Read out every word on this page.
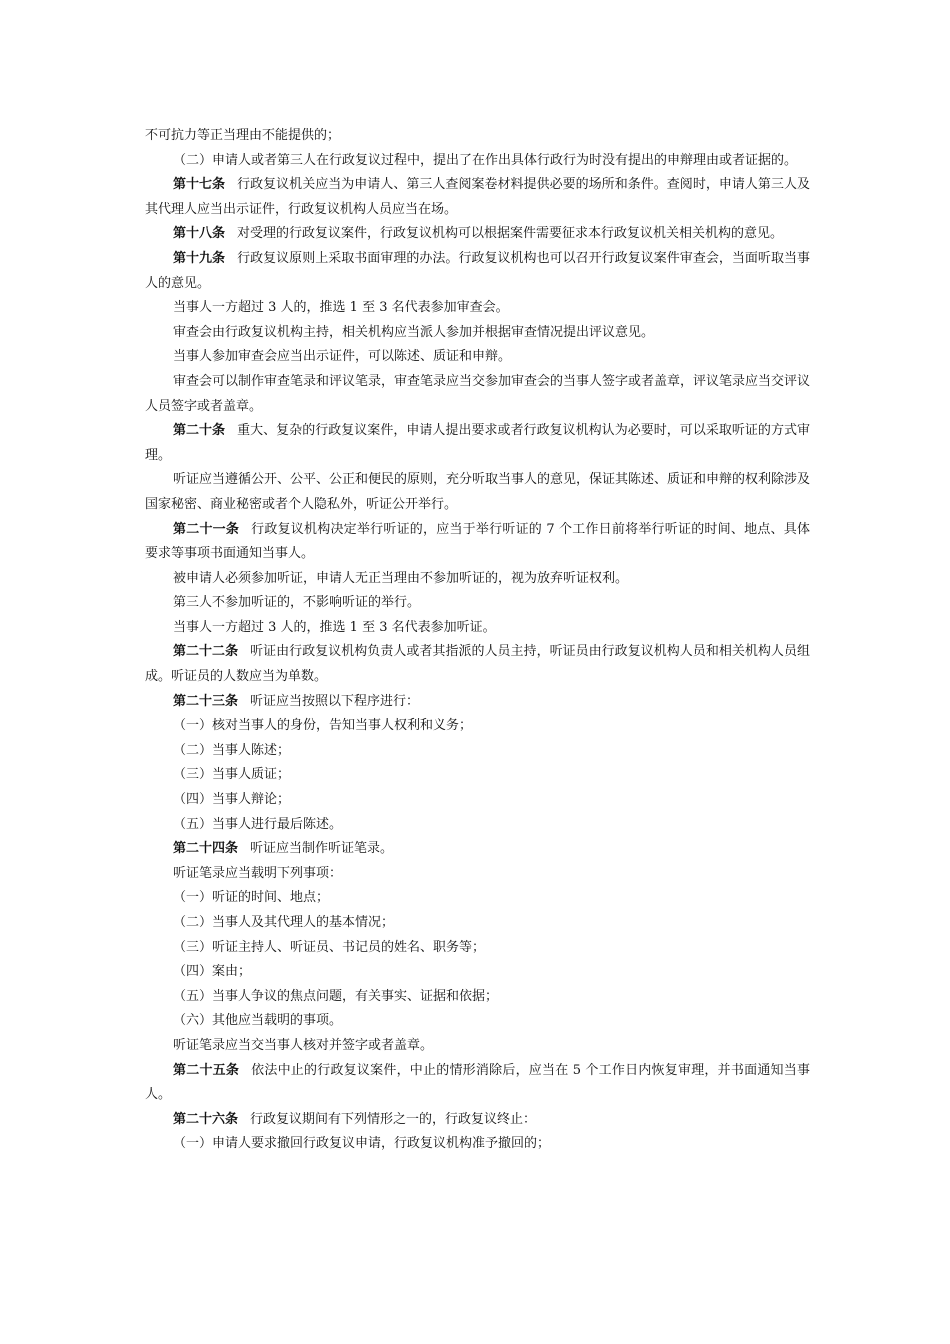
不可抗力等正当理由不能提供的；

（二）申请人或者第三人在行政复议过程中，提出了在作出具体行政行为时没有提出的申辩理由或者证据的。

第十七条 行政复议机关应当为申请人、第三人查阅案卷材料提供必要的场所和条件。查阅时，申请人第三人及其代理人应当出示证件，行政复议机构人员应当在场。

第十八条 对受理的行政复议案件，行政复议机构可以根据案件需要征求本行政复议机关相关机构的意见。

第十九条 行政复议原则上采取书面审理的办法。行政复议机构也可以召开行政复议案件审查会，当面听取当事人的意见。

当事人一方超过 3 人的，推选 1 至 3 名代表参加审查会。

审查会由行政复议机构主持，相关机构应当派人参加并根据审查情况提出评议意见。

当事人参加审查会应当出示证件，可以陈述、质证和申辩。

审查会可以制作审查笔录和评议笔录，审查笔录应当交参加审查会的当事人签字或者盖章，评议笔录应当交评议人员签字或者盖章。

第二十条 重大、复杂的行政复议案件，申请人提出要求或者行政复议机构认为必要时，可以采取听证的方式审理。

听证应当遵循公开、公平、公正和便民的原则，充分听取当事人的意见，保证其陈述、质证和申辩的权利除涉及国家秘密、商业秘密或者个人隐私外，听证公开举行。

第二十一条 行政复议机构决定举行听证的，应当于举行听证的 7 个工作日前将举行听证的时间、地点、具体要求等事项书面通知当事人。

被申请人必须参加听证，申请人无正当理由不参加听证的，视为放弃听证权利。

第三人不参加听证的，不影响听证的举行。

当事人一方超过 3 人的，推选 1 至 3 名代表参加听证。

第二十二条 听证由行政复议机构负责人或者其指派的人员主持，听证员由行政复议机构人员和相关机构人员组成。听证员的人数应当为单数。

第二十三条 听证应当按照以下程序进行：

（一）核对当事人的身份，告知当事人权利和义务；

（二）当事人陈述；

（三）当事人质证；

（四）当事人辩论；

（五）当事人进行最后陈述。

第二十四条 听证应当制作听证笔录。

听证笔录应当载明下列事项：

（一）听证的时间、地点；

（二）当事人及其代理人的基本情况；

（三）听证主持人、听证员、书记员的姓名、职务等；

（四）案由；

（五）当事人争议的焦点问题，有关事实、证据和依据；

（六）其他应当载明的事项。

听证笔录应当交当事人核对并签字或者盖章。

第二十五条 依法中止的行政复议案件，中止的情形消除后，应当在 5 个工作日内恢复审理，并书面通知当事人。

第二十六条 行政复议期间有下列情形之一的，行政复议终止：

（一）申请人要求撤回行政复议申请，行政复议机构准予撤回的；
